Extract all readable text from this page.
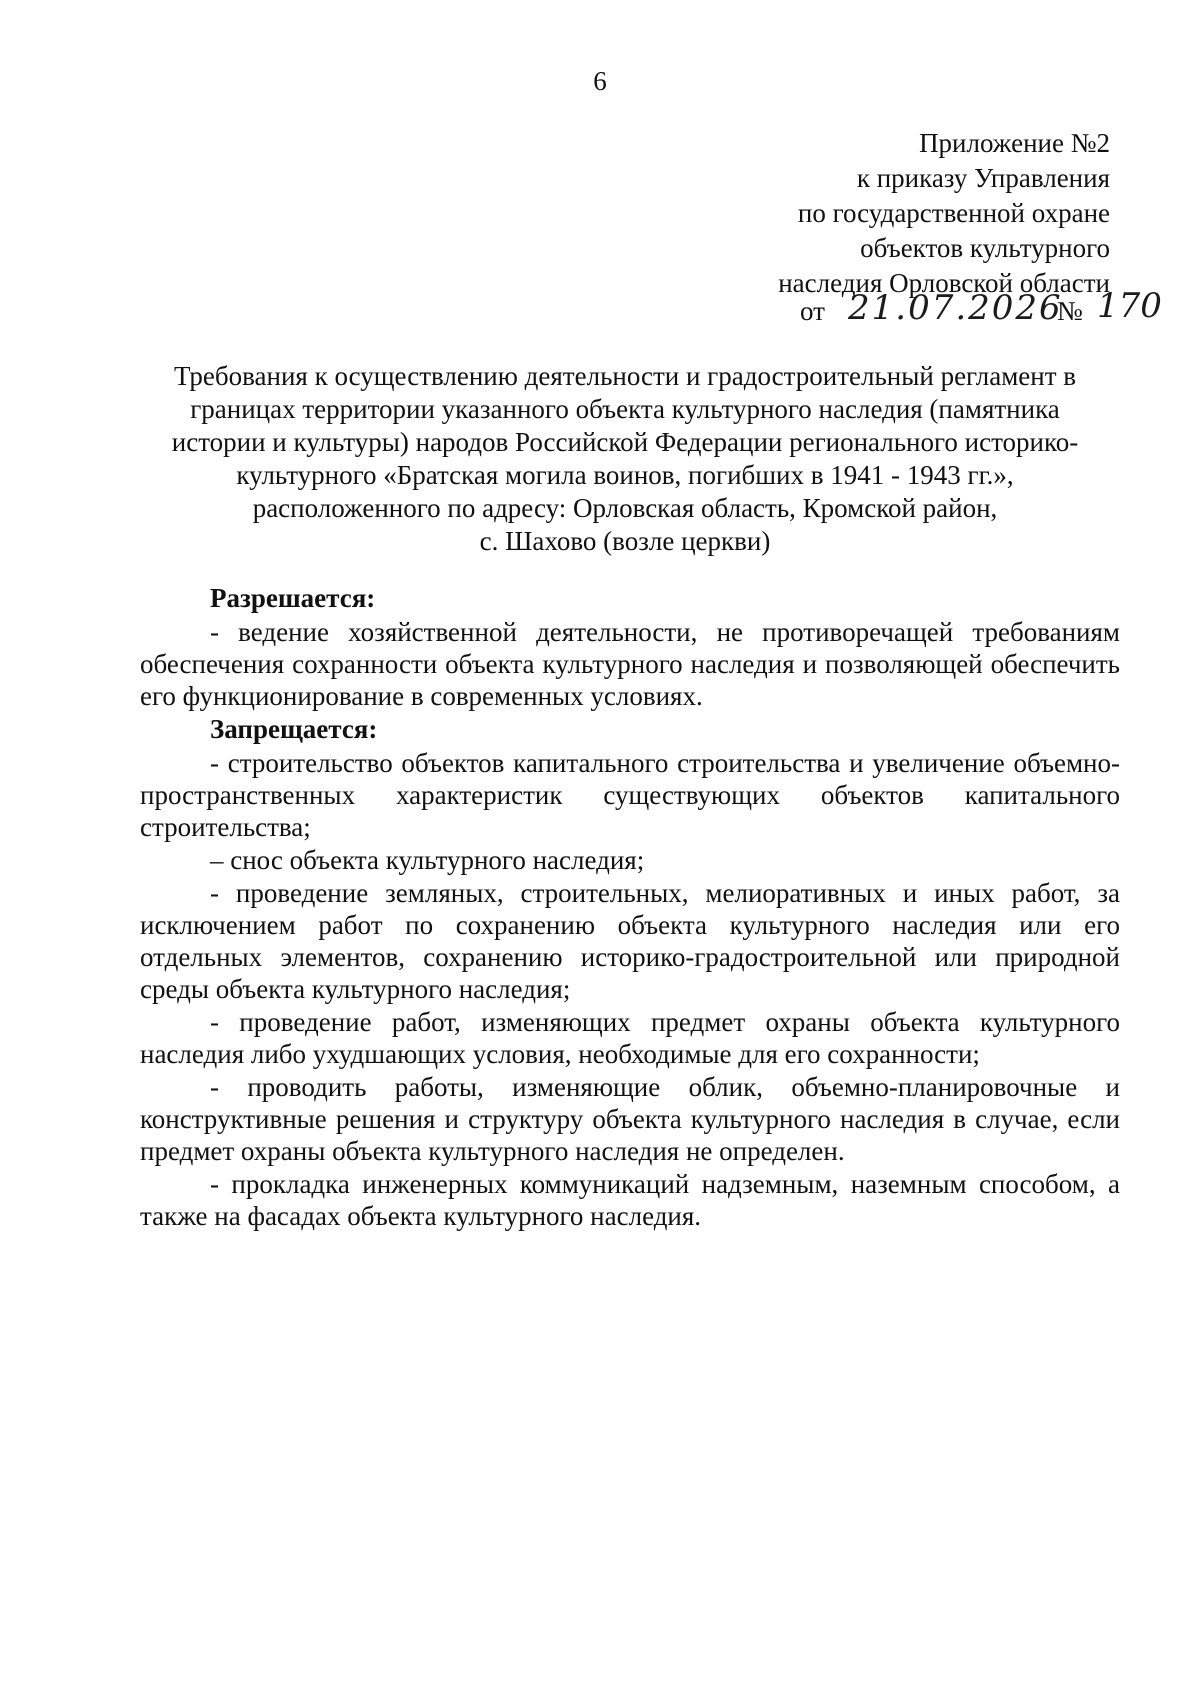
6
Приложение №2
к приказу Управления
по государственной охране
объектов культурного
наследия Орловской области
от 21.07.2026
№ 170
Требования к осуществлению деятельности и градостроительный регламент в
границах территории указанного объекта культурного наследия (памятника
истории и культуры) народов Российской Федерации регионального историко-
культурного «Братская могила воинов, погибших в 1941 - 1943 гг.»,
расположенного по адресу: Орловская область, Кромской район,
с. Шахово (возле церкви)
Разрешается:

- ведение хозяйственной деятельности, не противоречащей требованиям обеспечения сохранности объекта культурного наследия и позволяющей обеспечить его функционирование в современных условиях.

Запрещается:

- строительство объектов капитального строительства и увеличение объемно-пространственных характеристик существующих объектов капитального строительства;

– снос объекта культурного наследия;

- проведение земляных, строительных, мелиоративных и иных работ, за исключением работ по сохранению объекта культурного наследия или его отдельных элементов, сохранению историко-градостроительной или природной среды объекта культурного наследия;

- проведение работ, изменяющих предмет охраны объекта культурного наследия либо ухудшающих условия, необходимые для его сохранности;

- проводить работы, изменяющие облик, объемно-планировочные и конструктивные решения и структуру объекта культурного наследия в случае, если предмет охраны объекта культурного наследия не определен.

- прокладка инженерных коммуникаций надземным, наземным способом, а также на фасадах объекта культурного наследия.
